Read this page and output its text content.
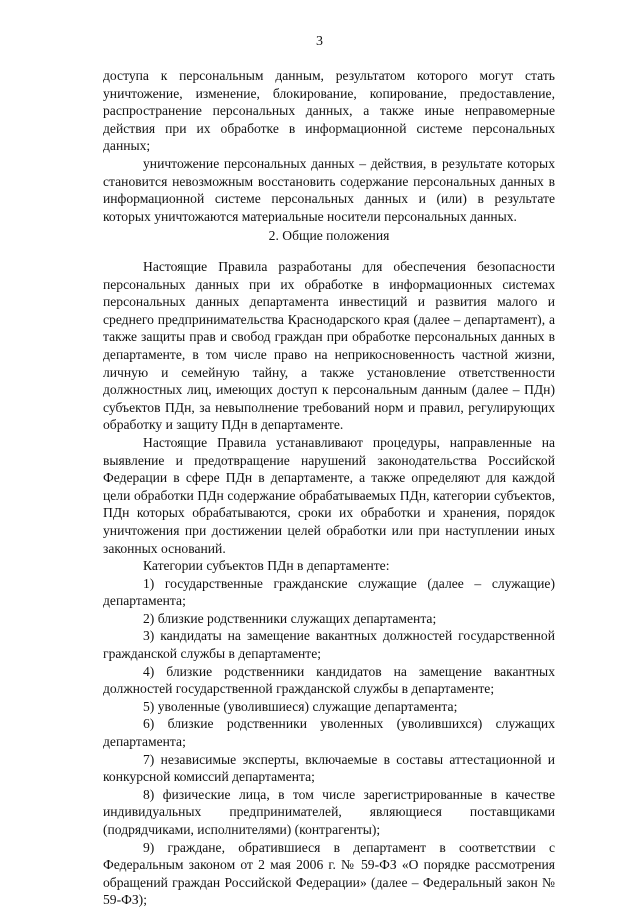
3

доступа к персональным данным, результатом которого могут стать уничтожение, изменение, блокирование, копирование, предоставление, распространение персональных данных, а также иные неправомерные действия при их обработке в информационной системе персональных данных;

уничтожение персональных данных – действия, в результате которых становится невозможным восстановить содержание персональных данных в информационной системе персональных данных и (или) в результате которых уничтожаются материальные носители персональных данных.

2. Общие положения

Настоящие Правила разработаны для обеспечения безопасности персональных данных при их обработке в информационных системах персональных данных департамента инвестиций и развития малого и среднего предпринимательства Краснодарского края (далее – департамент), а также защиты прав и свобод граждан при обработке персональных данных в департаменте, в том числе право на неприкосновенность частной жизни, личную и семейную тайну, а также установление ответственности должностных лиц, имеющих доступ к персональным данным (далее – ПДн) субъектов ПДн, за невыполнение требований норм и правил, регулирующих обработку и защиту ПДн в департаменте.

Настоящие Правила устанавливают процедуры, направленные на выявление и предотвращение нарушений законодательства Российской Федерации в сфере ПДн в департаменте, а также определяют для каждой цели обработки ПДн содержание обрабатываемых ПДн, категории субъектов, ПДн которых обрабатываются, сроки их обработки и хранения, порядок уничтожения при достижении целей обработки или при наступлении иных законных оснований.

Категории субъектов ПДн в департаменте:

1) государственные гражданские служащие (далее – служащие) департамента;

2) близкие родственники служащих департамента;

3) кандидаты на замещение вакантных должностей государственной гражданской службы в департаменте;

4) близкие родственники кандидатов на замещение вакантных должностей государственной гражданской службы в департаменте;

5) уволенные (уволившиеся) служащие департамента;

6) близкие родственники уволенных (уволившихся) служащих департамента;

7) независимые эксперты, включаемые в составы аттестационной и конкурсной комиссий департамента;

8) физические лица, в том числе зарегистрированные в качестве индивидуальных предпринимателей, являющиеся поставщиками (подрядчиками, исполнителями) (контрагенты);

9) граждане, обратившиеся в департамент в соответствии с Федеральным законом от 2 мая 2006 г. № 59-ФЗ «О порядке рассмотрения обращений граждан Российской Федерации» (далее – Федеральный закон № 59-ФЗ);
